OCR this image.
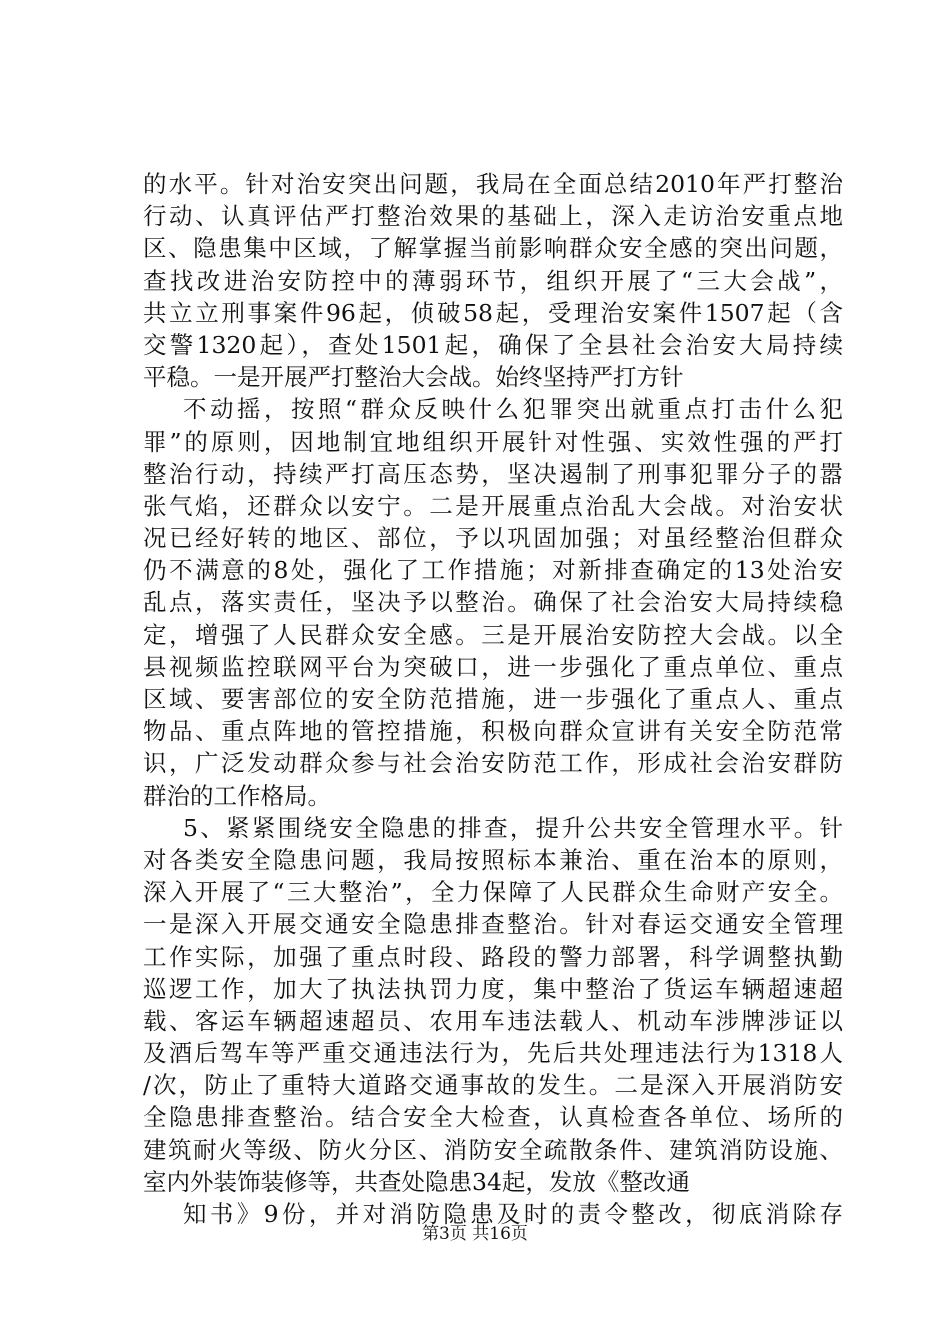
的水平。针对治安突出问题，我局在全面总结2010年严打整治
行动、认真评估严打整治效果的基础上，深入走访治安重点地
区、隐患集中区域，了解掌握当前影响群众安全感的突出问题，
查找改进治安防控中的薄弱环节，组织开展了“三大会战”，
共立立刑事案件96起，侦破58起，受理治安案件1507起（含
交警1320起），查处1501起，确保了全县社会治安大局持续
平稳。一是开展严打整治大会战。始终坚持严打方针
不动摇，按照“群众反映什么犯罪突出就重点打击什么犯
罪”的原则，因地制宜地组织开展针对性强、实效性强的严打
整治行动，持续严打高压态势，坚决遏制了刑事犯罪分子的嚣
张气焰，还群众以安宁。二是开展重点治乱大会战。对治安状
况已经好转的地区、部位，予以巩固加强；对虽经整治但群众
仍不满意的8处，强化了工作措施；对新排查确定的13处治安
乱点，落实责任，坚决予以整治。确保了社会治安大局持续稳
定，增强了人民群众安全感。三是开展治安防控大会战。以全
县视频监控联网平台为突破口，进一步强化了重点单位、重点
区域、要害部位的安全防范措施，进一步强化了重点人、重点
物品、重点阵地的管控措施，积极向群众宣讲有关安全防范常
识，广泛发动群众参与社会治安防范工作，形成社会治安群防
群治的工作格局。
5、紧紧围绕安全隐患的排查，提升公共安全管理水平。针
对各类安全隐患问题，我局按照标本兼治、重在治本的原则，
深入开展了“三大整治”，全力保障了人民群众生命财产安全。
一是深入开展交通安全隐患排查整治。针对春运交通安全管理
工作实际，加强了重点时段、路段的警力部署，科学调整执勤
巡逻工作，加大了执法执罚力度，集中整治了货运车辆超速超
载、客运车辆超速超员、农用车违法载人、机动车涉牌涉证以
及酒后驾车等严重交通违法行为，先后共处理违法行为1318人
/次，防止了重特大道路交通事故的发生。二是深入开展消防安
全隐患排查整治。结合安全大检查，认真检查各单位、场所的
建筑耐火等级、防火分区、消防安全疏散条件、建筑消防设施、
室内外装饰装修等，共查处隐患34起，发放《整改通
知书》9份，并对消防隐患及时的责令整改，彻底消除存
第3页 共16页
